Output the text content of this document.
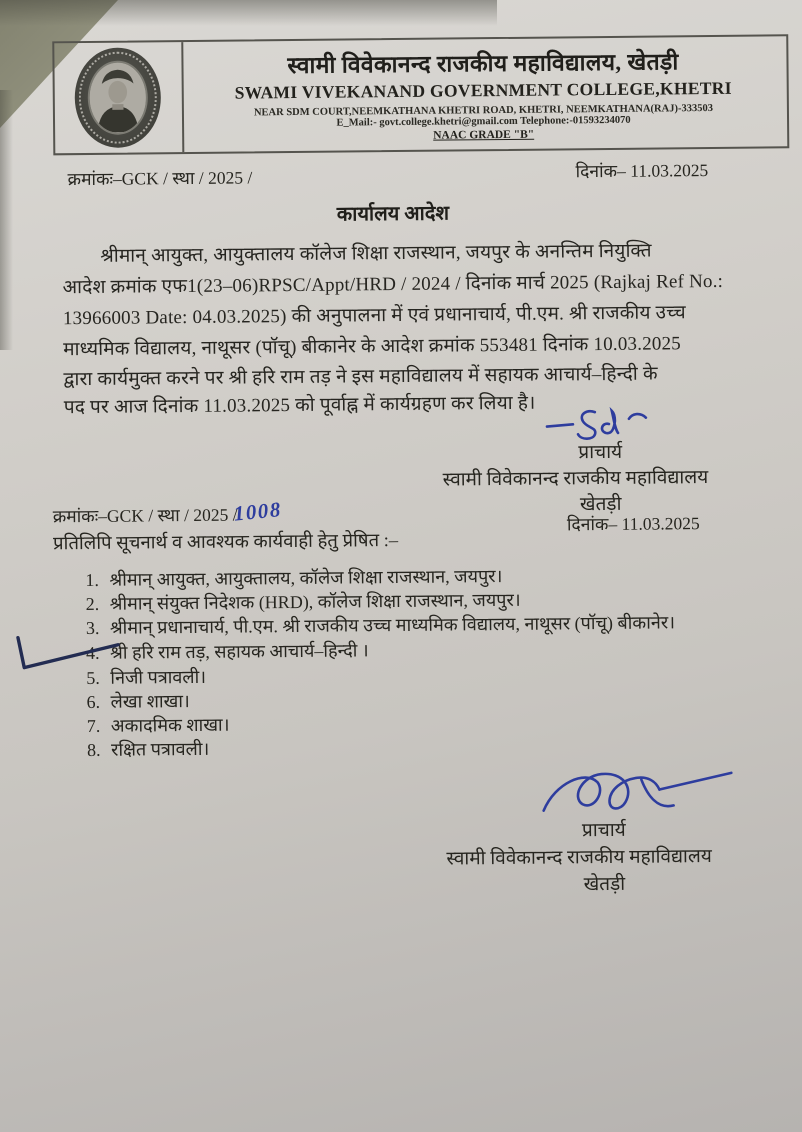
स्वामी विवेकानन्द राजकीय महाविद्यालय, खेतड़ी
SWAMI VIVEKANAND GOVERNMENT COLLEGE,KHETRI
NEAR SDM COURT,NEEMKATHANA KHETRI ROAD, KHETRI, NEEMKATHANA(RAJ)-333503
E_Mail:- govt.college.khetri@gmail.com Telephone:-01593234070
NAAC GRADE "B"
क्रमांकः–GCK / स्था / 2025 /	दिनांक– 11.03.2025
कार्यालय आदेश
श्रीमान् आयुक्त, आयुक्तालय कॉलेज शिक्षा राजस्थान, जयपुर के अनन्तिम नियुक्ति
आदेश क्रमांक एफ1(23–06)RPSC/Appt/HRD / 2024 / दिनांक मार्च 2025 (Rajkaj Ref No.:
13966003 Date: 04.03.2025) की अनुपालना में एवं प्रधानाचार्य, पी.एम. श्री राजकीय उच्च
माध्यमिक विद्यालय, नाथूसर (पॉचू) बीकानेर के आदेश क्रमांक 553481 दिनांक 10.03.2025
द्वारा कार्यमुक्त करने पर श्री हरि राम तड़ ने इस महाविद्यालय में सहायक आचार्य–हिन्दी के
पद पर आज दिनांक 11.03.2025 को पूर्वाह्न में कार्यग्रहण कर लिया है।
प्राचार्य
स्वामी विवेकानन्द राजकीय महाविद्यालय
खेतड़ी
दिनांक– 11.03.2025
क्रमांकः–GCK / स्था / 2025 /1008
प्रतिलिपि सूचनार्थ व आवश्यक कार्यवाही हेतु प्रेषित :–
1. श्रीमान् आयुक्त, आयुक्तालय, कॉलेज शिक्षा राजस्थान, जयपुर।
2. श्रीमान् संयुक्त निदेशक (HRD), कॉलेज शिक्षा राजस्थान, जयपुर।
3. श्रीमान् प्रधानाचार्य, पी.एम. श्री राजकीय उच्च माध्यमिक विद्यालय, नाथूसर (पॉचू) बीकानेर।
4. श्री हरि राम तड़, सहायक आचार्य–हिन्दी ।
5. निजी पत्रावली।
6. लेखा शाखा।
7. अकादमिक शाखा।
8. रक्षित पत्रावली।
प्राचार्य
स्वामी विवेकानन्द राजकीय महाविद्यालय
खेतड़ी
